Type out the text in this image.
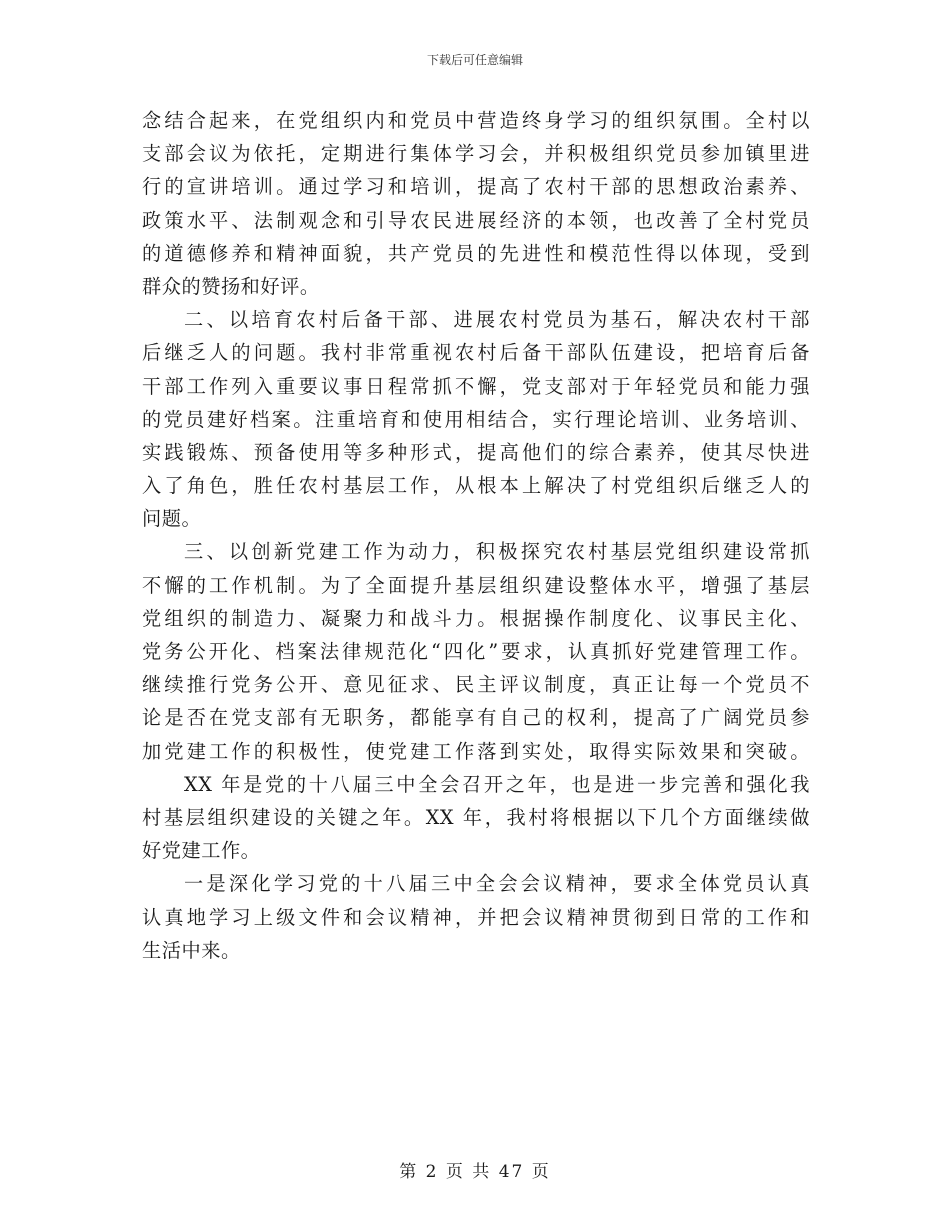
下载后可任意编辑
念结合起来，在党组织内和党员中营造终身学习的组织氛围。全村以
支部会议为依托，定期进行集体学习会，并积极组织党员参加镇里进
行的宣讲培训。通过学习和培训，提高了农村干部的思想政治素养、
政策水平、法制观念和引导农民进展经济的本领，也改善了全村党员
的道德修养和精神面貌，共产党员的先进性和模范性得以体现，受到
群众的赞扬和好评。
二、以培育农村后备干部、进展农村党员为基石，解决农村干部
后继乏人的问题。我村非常重视农村后备干部队伍建设，把培育后备
干部工作列入重要议事日程常抓不懈，党支部对于年轻党员和能力强
的党员建好档案。注重培育和使用相结合，实行理论培训、业务培训、
实践锻炼、预备使用等多种形式，提高他们的综合素养，使其尽快进
入了角色，胜任农村基层工作，从根本上解决了村党组织后继乏人的
问题。
三、以创新党建工作为动力，积极探究农村基层党组织建设常抓
不懈的工作机制。为了全面提升基层组织建设整体水平，增强了基层
党组织的制造力、凝聚力和战斗力。根据操作制度化、议事民主化、
党务公开化、档案法律规范化“四化”要求，认真抓好党建管理工作。
继续推行党务公开、意见征求、民主评议制度，真正让每一个党员不
论是否在党支部有无职务，都能享有自己的权利，提高了广阔党员参
加党建工作的积极性，使党建工作落到实处，取得实际效果和突破。
XX 年是党的十八届三中全会召开之年，也是进一步完善和强化我
村基层组织建设的关键之年。XX 年，我村将根据以下几个方面继续做
好党建工作。
一是深化学习党的十八届三中全会会议精神，要求全体党员认真
认真地学习上级文件和会议精神，并把会议精神贯彻到日常的工作和
生活中来。
第 2 页 共 47 页
